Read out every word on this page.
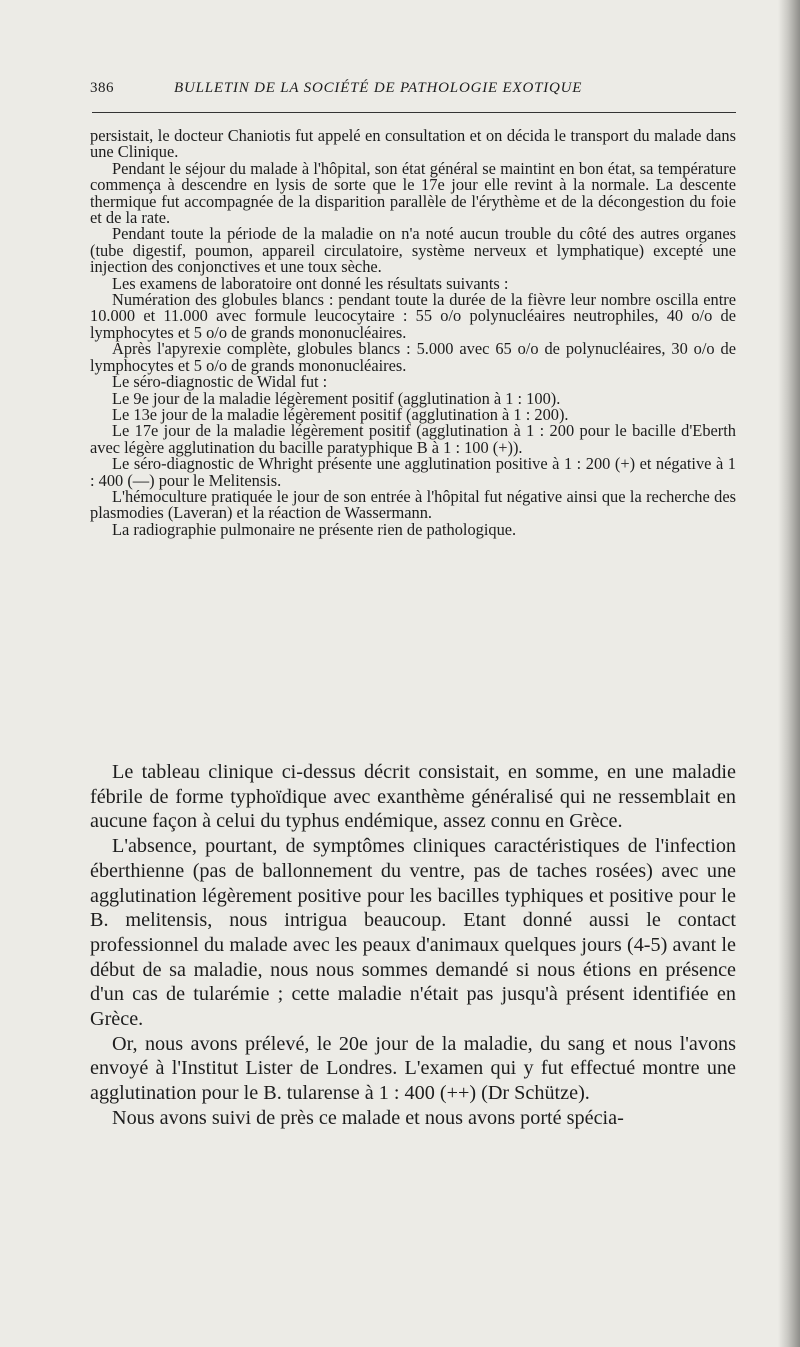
386	BULLETIN DE LA SOCIÉTÉ DE PATHOLOGIE EXOTIQUE

persistait, le docteur Chaniotis fut appelé en consultation et on décida le transport du malade dans une Clinique.

Pendant le séjour du malade à l'hôpital, son état général se maintint en bon état, sa température commença à descendre en lysis de sorte que le 17e jour elle revint à la normale. La descente thermique fut accompagnée de la disparition parallèle de l'érythème et de la décongestion du foie et de la rate.

Pendant toute la période de la maladie on n'a noté aucun trouble du côté des autres organes (tube digestif, poumon, appareil circulatoire, système nerveux et lymphatique) excepté une injection des conjonctives et une toux sèche.

Les examens de laboratoire ont donné les résultats suivants :

Numération des globules blancs : pendant toute la durée de la fièvre leur nombre oscilla entre 10.000 et 11.000 avec formule leucocytaire : 55 o/o polynucléaires neutrophiles, 40 o/o de lymphocytes et 5 o/o de grands mononucléaires.

Après l'apyrexie complète, globules blancs : 5.000 avec 65 o/o de polynucléaires, 30 o/o de lymphocytes et 5 o/o de grands mononucléaires.

Le séro-diagnostic de Widal fut :

Le 9e jour de la maladie légèrement positif (agglutination à 1 : 100).

Le 13e jour de la maladie légèrement positif (agglutination à 1 : 200).

Le 17e jour de la maladie légèrement positif (agglutination à 1 : 200 pour le bacille d'Eberth avec légère agglutination du bacille paratyphique B à 1 : 100 (+)).

Le séro-diagnostic de Whright présente une agglutination positive à 1 : 200 (+) et négative à 1 : 400 (—) pour le Melitensis.

L'hémoculture pratiquée le jour de son entrée à l'hôpital fut négative ainsi que la recherche des plasmodies (Laveran) et la réaction de Wassermann.

La radiographie pulmonaire ne présente rien de pathologique.

Le tableau clinique ci-dessus décrit consistait, en somme, en une maladie fébrile de forme typhoïdique avec exanthème généralisé qui ne ressemblait en aucune façon à celui du typhus endémique, assez connu en Grèce.

L'absence, pourtant, de symptômes cliniques caractéristiques de l'infection éberthienne (pas de ballonnement du ventre, pas de taches rosées) avec une agglutination légèrement positive pour les bacilles typhiques et positive pour le B. melitensis, nous intrigua beaucoup. Etant donné aussi le contact professionnel du malade avec les peaux d'animaux quelques jours (4-5) avant le début de sa maladie, nous nous sommes demandé si nous étions en présence d'un cas de tularémie ; cette maladie n'était pas jusqu'à présent identifiée en Grèce.

Or, nous avons prélevé, le 20e jour de la maladie, du sang et nous l'avons envoyé à l'Institut Lister de Londres. L'examen qui y fut effectué montre une agglutination pour le B. tularense à 1 : 400 (++) (Dr Schütze).

Nous avons suivi de près ce malade et nous avons porté spécia-
